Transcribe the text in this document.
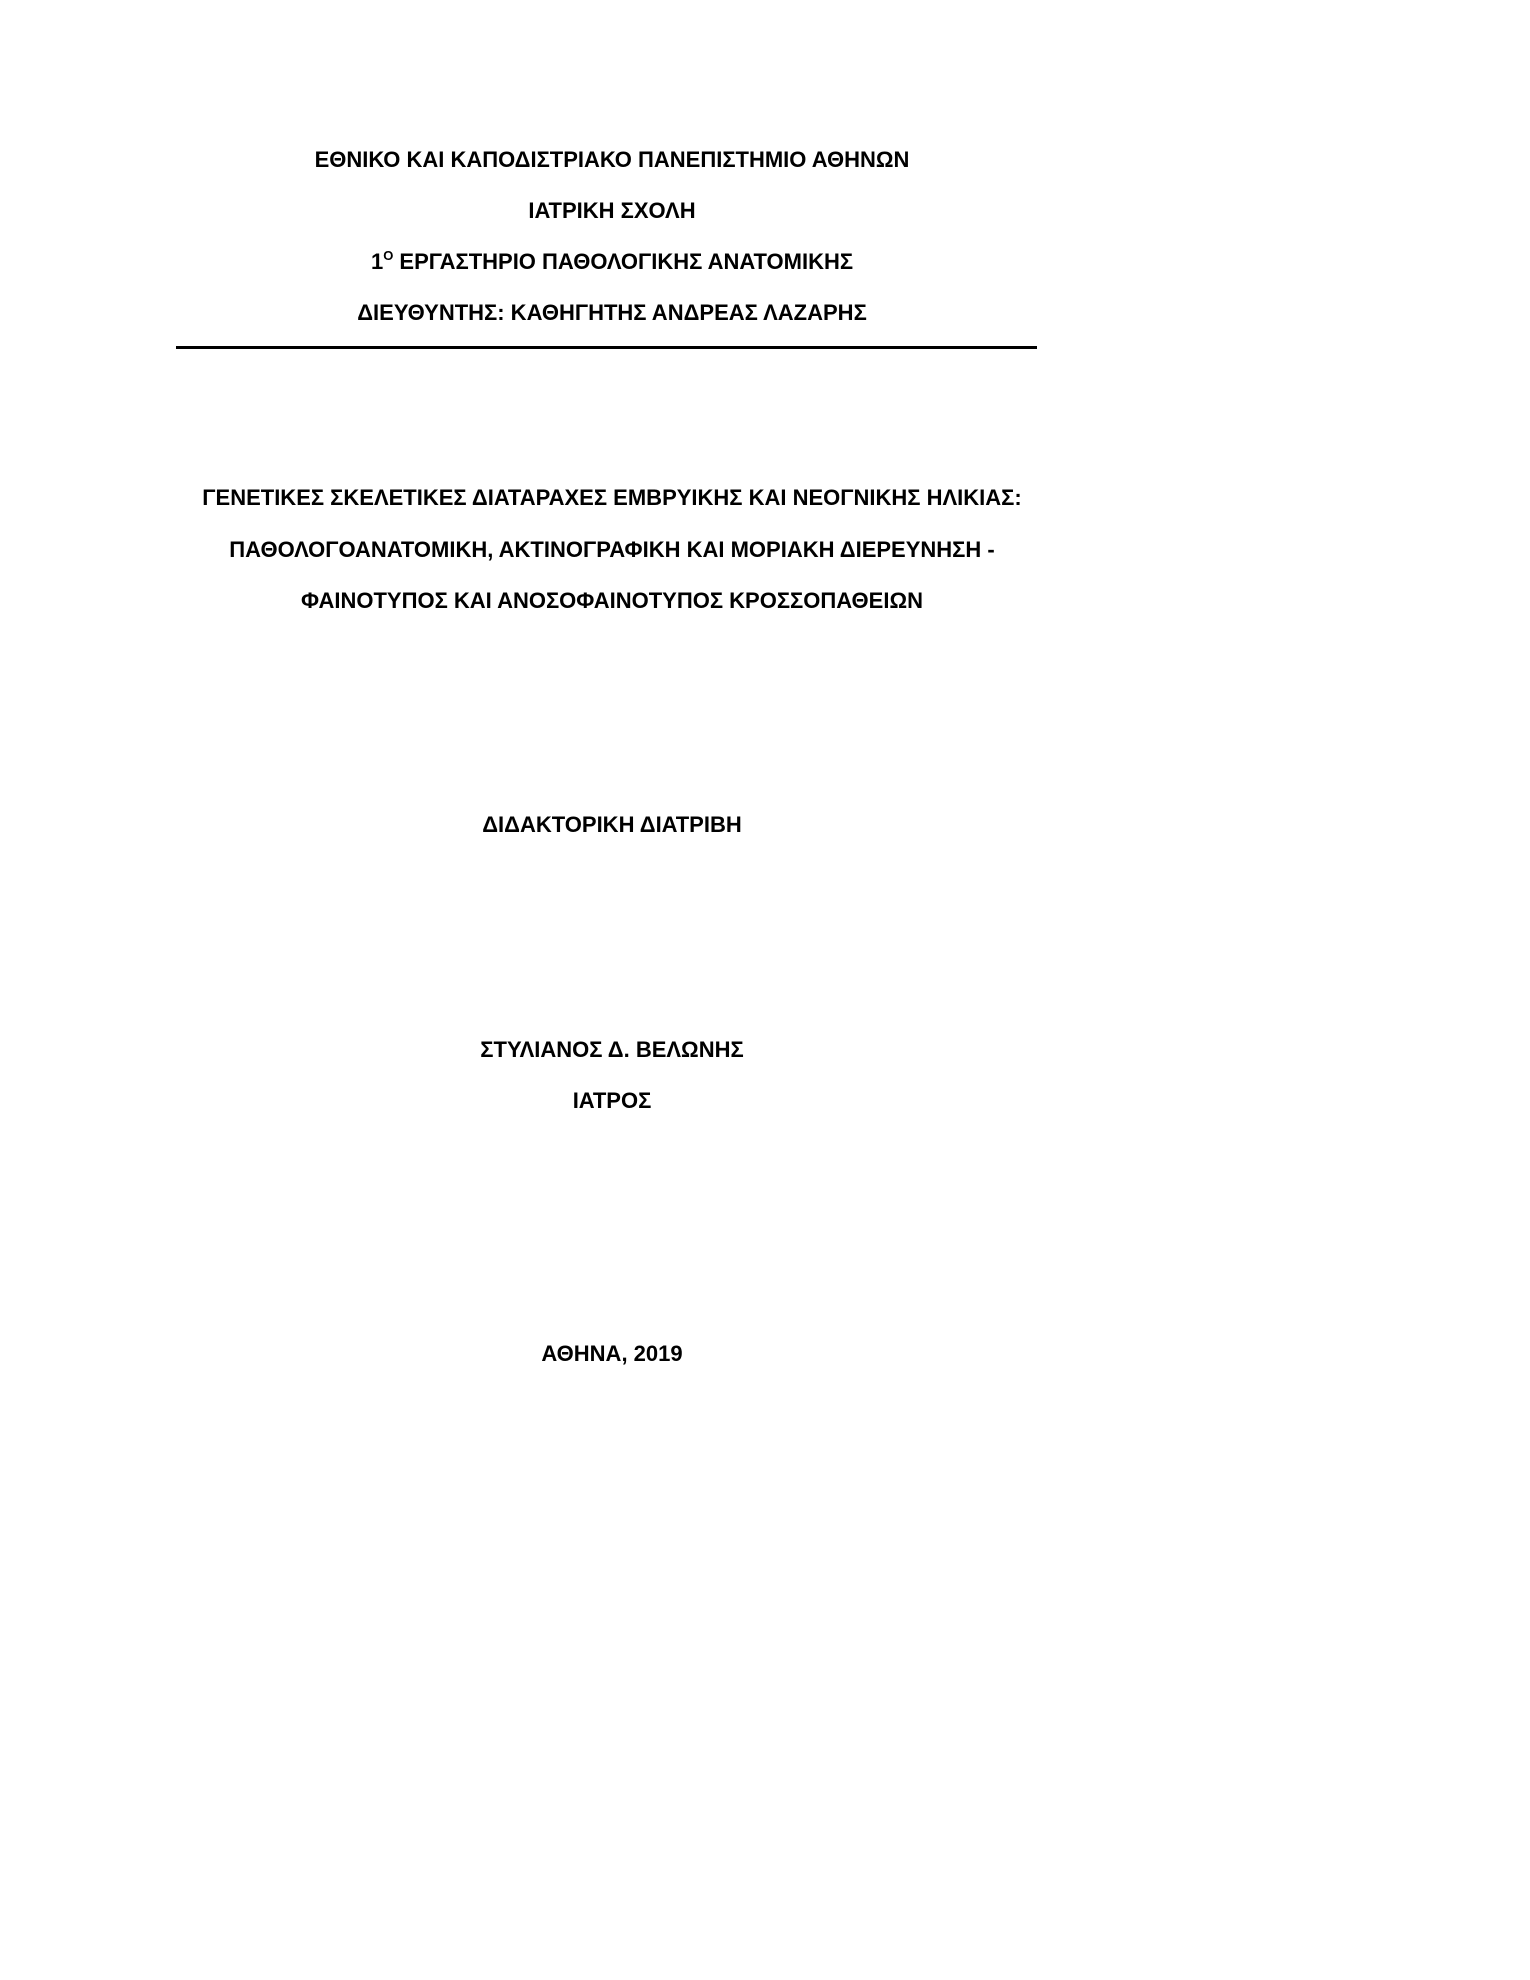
ΕΘΝΙΚΟ ΚΑΙ ΚΑΠΟΔΙΣΤΡΙΑΚΟ ΠΑΝΕΠΙΣΤΗΜΙΟ ΑΘΗΝΩΝ
ΙΑΤΡΙΚΗ ΣΧΟΛΗ
$1^O$ ΕΡΓΑΣΤΗΡΙΟ ΠΑΘΟΛΟΓΙΚΗΣ ΑΝΑΤΟΜΙΚΗΣ
ΔΙΕΥΘΥΝΤΗΣ: ΚΑΘΗΓΗΤΗΣ ΑΝΔΡΕΑΣ ΛΑΖΑΡΗΣ
ΓΕΝΕΤΙΚΕΣ ΣΚΕΛΕΤΙΚΕΣ ΔΙΑΤΑΡΑΧΕΣ ΕΜΒΡΥΙΚΗΣ ΚΑΙ ΝΕΟΓΝΙΚΗΣ ΗΛΙΚΙΑΣ:
ΠΑΘΟΛΟΓΟΑΝΑΤΟΜΙΚΗ, ΑΚΤΙΝΟΓΡΑΦΙΚΗ ΚΑΙ ΜΟΡΙΑΚΗ ΔΙΕΡΕΥΝΗΣΗ -
ΦΑΙΝΟΤΥΠΟΣ ΚΑΙ ΑΝΟΣΟΦΑΙΝΟΤΥΠΟΣ ΚΡΟΣΣΟΠΑΘΕΙΩΝ
ΔΙΔΑΚΤΟΡΙΚΗ ΔΙΑΤΡΙΒΗ
ΣΤΥΛΙΑΝΟΣ Δ. ΒΕΛΩΝΗΣ
ΙΑΤΡΟΣ
ΑΘΗΝΑ, 2019
